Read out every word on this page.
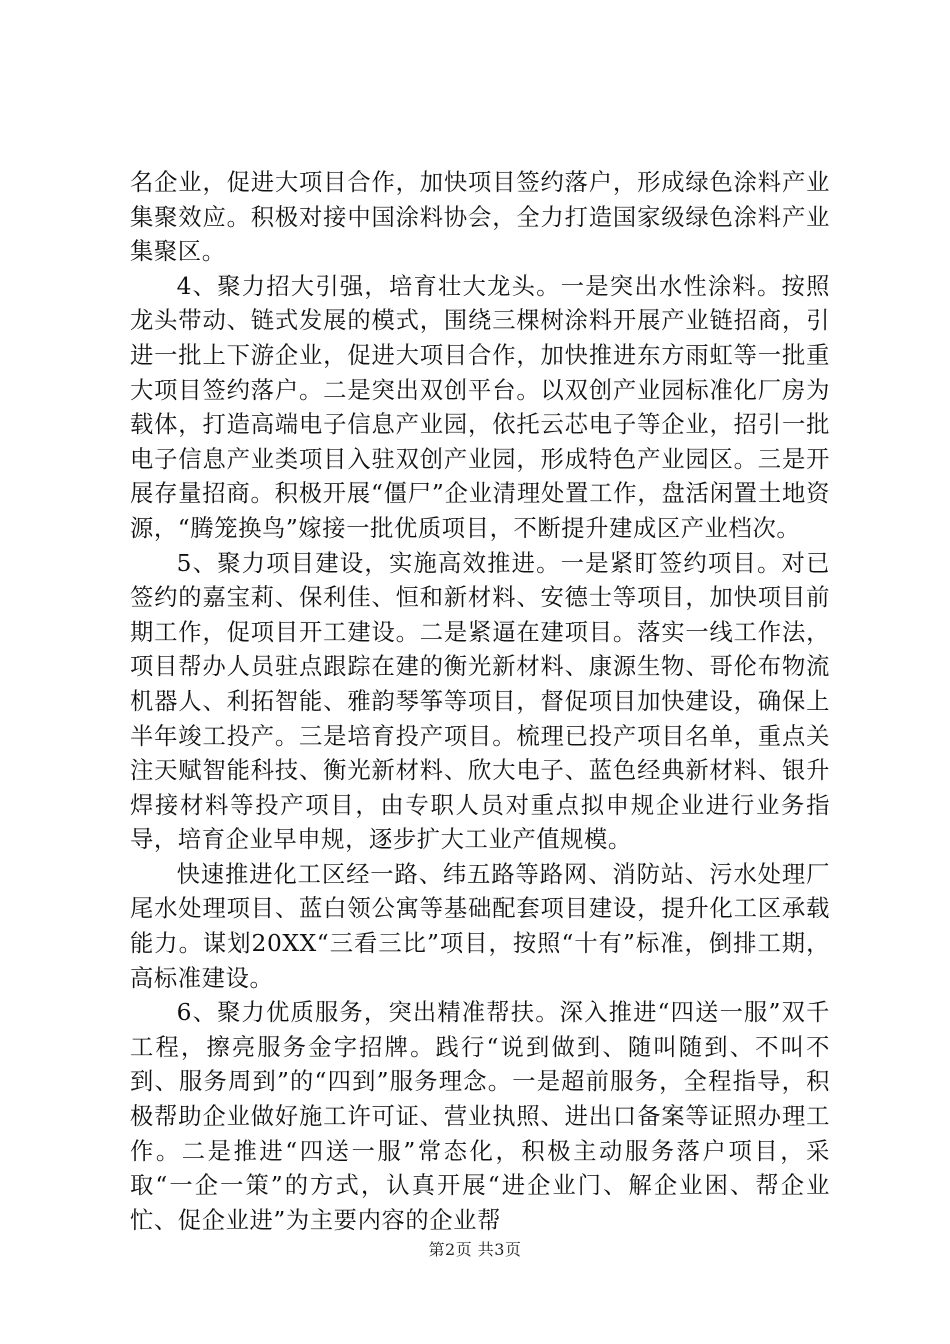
名企业，促进大项目合作，加快项目签约落户，形成绿色涂料产业集聚效应。积极对接中国涂料协会，全力打造国家级绿色涂料产业集聚区。

4、聚力招大引强，培育壮大龙头。一是突出水性涂料。按照龙头带动、链式发展的模式，围绕三棵树涂料开展产业链招商，引进一批上下游企业，促进大项目合作，加快推进东方雨虹等一批重大项目签约落户。二是突出双创平台。以双创产业园标准化厂房为载体，打造高端电子信息产业园，依托云芯电子等企业，招引一批电子信息产业类项目入驻双创产业园，形成特色产业园区。三是开展存量招商。积极开展“僵尸”企业清理处置工作，盘活闲置土地资源，“腾笼换鸟”嫁接一批优质项目，不断提升建成区产业档次。

5、聚力项目建设，实施高效推进。一是紧盯签约项目。对已签约的嘉宝莉、保利佳、恒和新材料、安德士等项目，加快项目前期工作，促项目开工建设。二是紧逼在建项目。落实一线工作法，项目帮办人员驻点跟踪在建的衡光新材料、康源生物、哥伦布物流机器人、利拓智能、雅韵琴筝等项目，督促项目加快建设，确保上半年竣工投产。三是培育投产项目。梳理已投产项目名单，重点关注天赋智能科技、衡光新材料、欣大电子、蓝色经典新材料、银升焊接材料等投产项目，由专职人员对重点拟申规企业进行业务指导，培育企业早申规，逐步扩大工业产值规模。

快速推进化工区经一路、纬五路等路网、消防站、污水处理厂尾水处理项目、蓝白领公寓等基础配套项目建设，提升化工区承载能力。谋划20XX“三看三比”项目，按照“十有”标准，倒排工期，高标准建设。

6、聚力优质服务，突出精准帮扶。深入推进“四送一服”双千工程，擦亮服务金字招牌。践行“说到做到、随叫随到、不叫不到、服务周到”的“四到”服务理念。一是超前服务，全程指导，积极帮助企业做好施工许可证、营业执照、进出口备案等证照办理工作。二是推进“四送一服”常态化，积极主动服务落户项目，采取“一企一策”的方式，认真开展“进企业门、解企业困、帮企业忙、促企业进”为主要内容的企业帮

第2页 共3页
